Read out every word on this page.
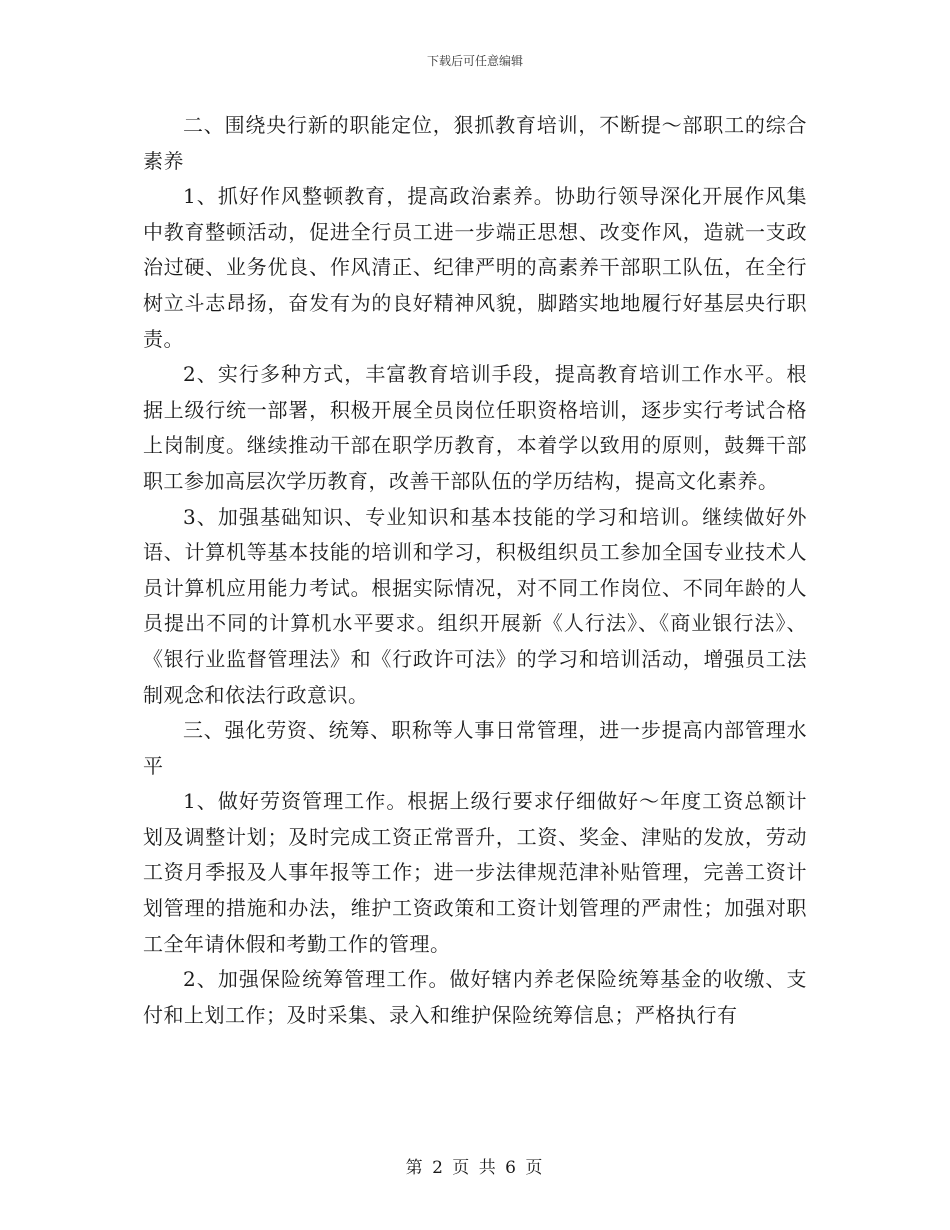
下载后可任意编辑

二、围绕央行新的职能定位，狠抓教育培训，不断提～部职工的综合素养

1、抓好作风整顿教育，提高政治素养。协助行领导深化开展作风集中教育整顿活动，促进全行员工进一步端正思想、改变作风，造就一支政治过硬、业务优良、作风清正、纪律严明的高素养干部职工队伍，在全行树立斗志昂扬，奋发有为的良好精神风貌，脚踏实地地履行好基层央行职责。

2、实行多种方式，丰富教育培训手段，提高教育培训工作水平。根据上级行统一部署，积极开展全员岗位任职资格培训，逐步实行考试合格上岗制度。继续推动干部在职学历教育，本着学以致用的原则，鼓舞干部职工参加高层次学历教育，改善干部队伍的学历结构，提高文化素养。

3、加强基础知识、专业知识和基本技能的学习和培训。继续做好外语、计算机等基本技能的培训和学习，积极组织员工参加全国专业技术人员计算机应用能力考试。根据实际情况，对不同工作岗位、不同年龄的人员提出不同的计算机水平要求。组织开展新《人行法》、《商业银行法》、《银行业监督管理法》和《行政许可法》的学习和培训活动，增强员工法制观念和依法行政意识。

三、强化劳资、统筹、职称等人事日常管理，进一步提高内部管理水平

1、做好劳资管理工作。根据上级行要求仔细做好～年度工资总额计划及调整计划；及时完成工资正常晋升，工资、奖金、津贴的发放，劳动工资月季报及人事年报等工作；进一步法律规范津补贴管理，完善工资计划管理的措施和办法，维护工资政策和工资计划管理的严肃性；加强对职工全年请休假和考勤工作的管理。

2、加强保险统筹管理工作。做好辖内养老保险统筹基金的收缴、支付和上划工作；及时采集、录入和维护保险统筹信息；严格执行有

第 2 页 共 6 页
